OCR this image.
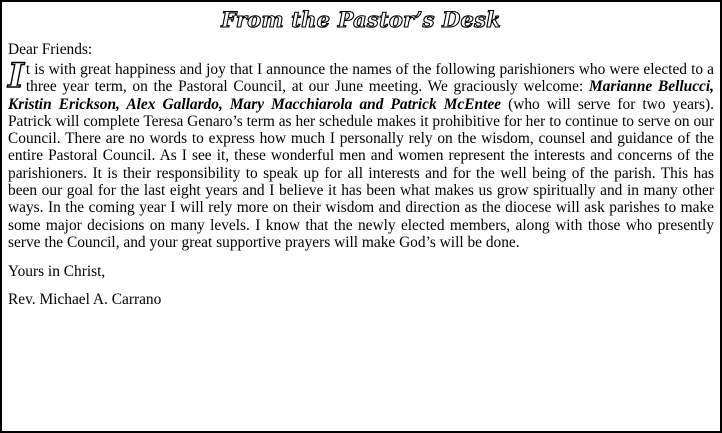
From the Pastor’s Desk
Dear Friends:
It is with great happiness and joy that I announce the names of the following parishioners who were elected to a three year term, on the Pastoral Council, at our June meeting. We graciously welcome: Marianne Bellucci, Kristin Erickson, Alex Gallardo, Mary Macchiarola and Patrick McEntee (who will serve for two years). Patrick will complete Teresa Genaro’s term as her schedule makes it prohibitive for her to continue to serve on our Council. There are no words to express how much I personally rely on the wisdom, counsel and guidance of the entire Pastoral Council. As I see it, these wonderful men and women represent the interests and concerns of the parishioners. It is their responsibility to speak up for all interests and for the well being of the parish. This has been our goal for the last eight years and I believe it has been what makes us grow spiritually and in many other ways. In the coming year I will rely more on their wisdom and direction as the diocese will ask parishes to make some major decisions on many levels. I know that the newly elected members, along with those who presently serve the Council, and your great supportive prayers will make God’s will be done.
Yours in Christ,
Rev. Michael A. Carrano
